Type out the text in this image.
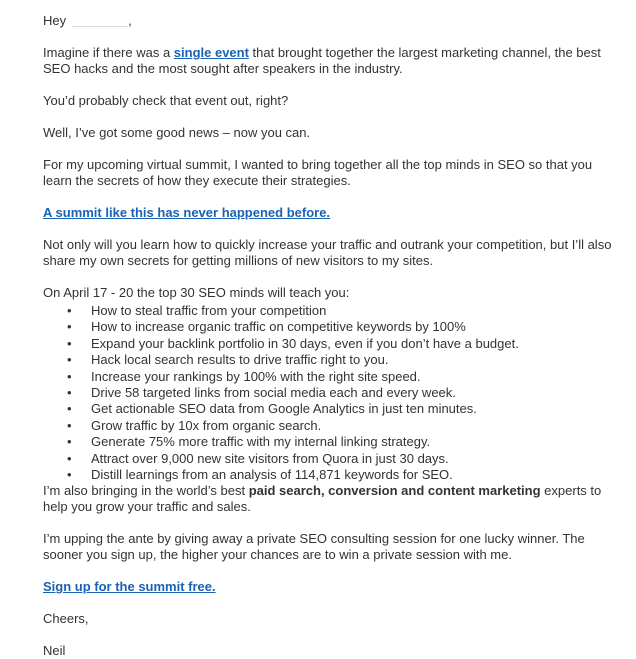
Hey	,

Imagine if there was a single event that brought together the largest marketing channel, the best SEO hacks and the most sought after speakers in the industry.

You’d probably check that event out, right?

Well, I’ve got some good news – now you can.

For my upcoming virtual summit, I wanted to bring together all the top minds in SEO so that you learn the secrets of how they execute their strategies.

A summit like this has never happened before.

Not only will you learn how to quickly increase your traffic and outrank your competition, but I’ll also share my own secrets for getting millions of new visitors to my sites.

On April 17 - 20 the top 30 SEO minds will teach you:

• How to steal traffic from your competition
• How to increase organic traffic on competitive keywords by 100%
• Expand your backlink portfolio in 30 days, even if you don’t have a budget.
• Hack local search results to drive traffic right to you.
• Increase your rankings by 100% with the right site speed.
• Drive 58 targeted links from social media each and every week.
• Get actionable SEO data from Google Analytics in just ten minutes.
• Grow traffic by 10x from organic search.
• Generate 75% more traffic with my internal linking strategy.
• Attract over 9,000 new site visitors from Quora in just 30 days.
• Distill learnings from an analysis of 114,871 keywords for SEO.

I’m also bringing in the world’s best paid search, conversion and content marketing experts to help you grow your traffic and sales.

I’m upping the ante by giving away a private SEO consulting session for one lucky winner. The sooner you sign up, the higher your chances are to win a private session with me.

Sign up for the summit free.

Cheers,

Neil
